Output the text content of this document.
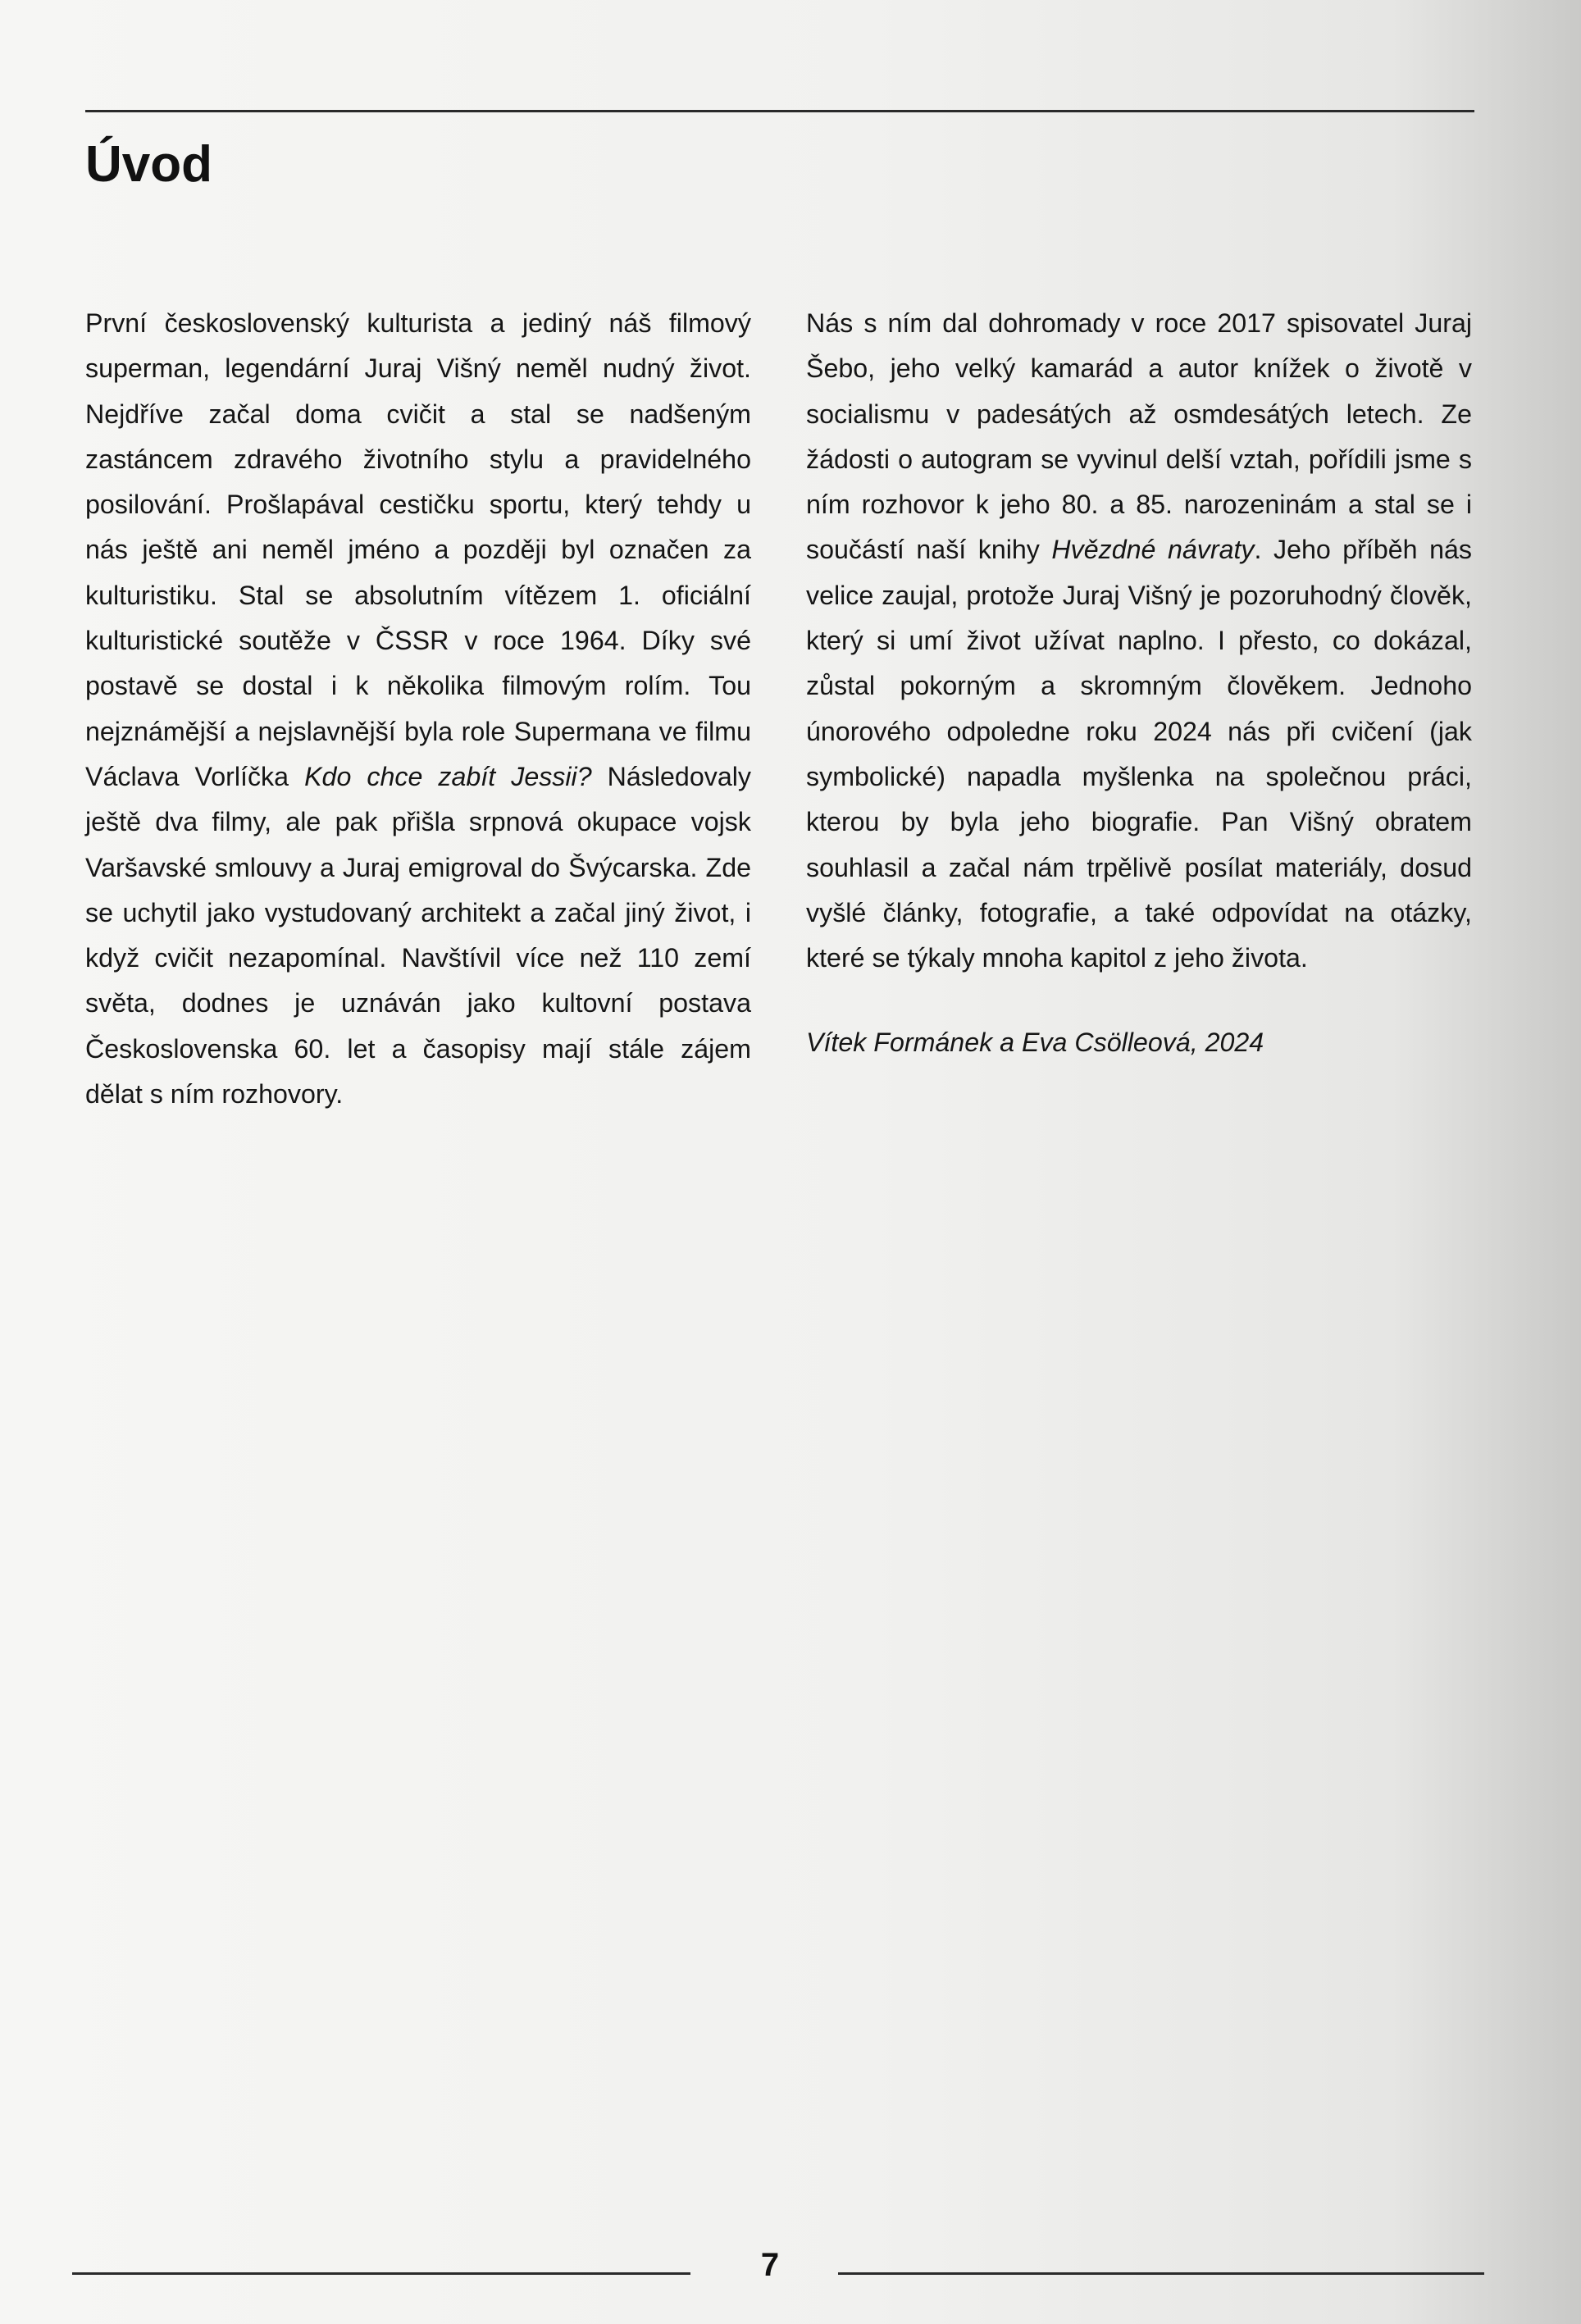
Úvod

První československý kulturista a jediný náš filmový superman, legendární Juraj Višný neměl nudný život. Nejdříve začal doma cvičit a stal se nadšeným zastáncem zdravého životního stylu a pravidelného posilování. Prošlapával cestičku sportu, který tehdy u nás ještě ani neměl jméno a později byl označen za kulturistiku. Stal se absolutním vítězem 1. oficiální kulturistické soutěže v ČSSR v roce 1964. Díky své postavě se dostal i k několika filmovým rolím. Tou nejznámější a nejslavnější byla role Supermana ve filmu Václava Vorlíčka Kdo chce zabít Jessii? Následovaly ještě dva filmy, ale pak přišla srpnová okupace vojsk Varšavské smlouvy a Juraj emigroval do Švýcarska. Zde se uchytil jako vystudovaný architekt a začal jiný život, i když cvičit nezapomínal. Navštívil více než 110 zemí světa, dodnes je uznáván jako kultovní postava Československa 60. let a časopisy mají stále zájem dělat s ním rozhovory.

Nás s ním dal dohromady v roce 2017 spisovatel Juraj Šebo, jeho velký kamarád a autor knížek o životě v socialismu v padesátých až osmdesátých letech. Ze žádosti o autogram se vyvinul delší vztah, pořídili jsme s ním rozhovor k jeho 80. a 85. narozeninám a stal se i součástí naší knihy Hvězdné návraty. Jeho příběh nás velice zaujal, protože Juraj Višný je pozoruhodný člověk, který si umí život užívat naplno. I přesto, co dokázal, zůstal pokorným a skromným člověkem. Jednoho únorového odpoledne roku 2024 nás při cvičení (jak symbolické) napadla myšlenka na společnou práci, kterou by byla jeho biografie. Pan Višný obratem souhlasil a začal nám trpělivě posílat materiály, dosud vyšlé články, fotografie, a také odpovídat na otázky, které se týkaly mnoha kapitol z jeho života.

Vítek Formánek a Eva Csölleová, 2024

7
